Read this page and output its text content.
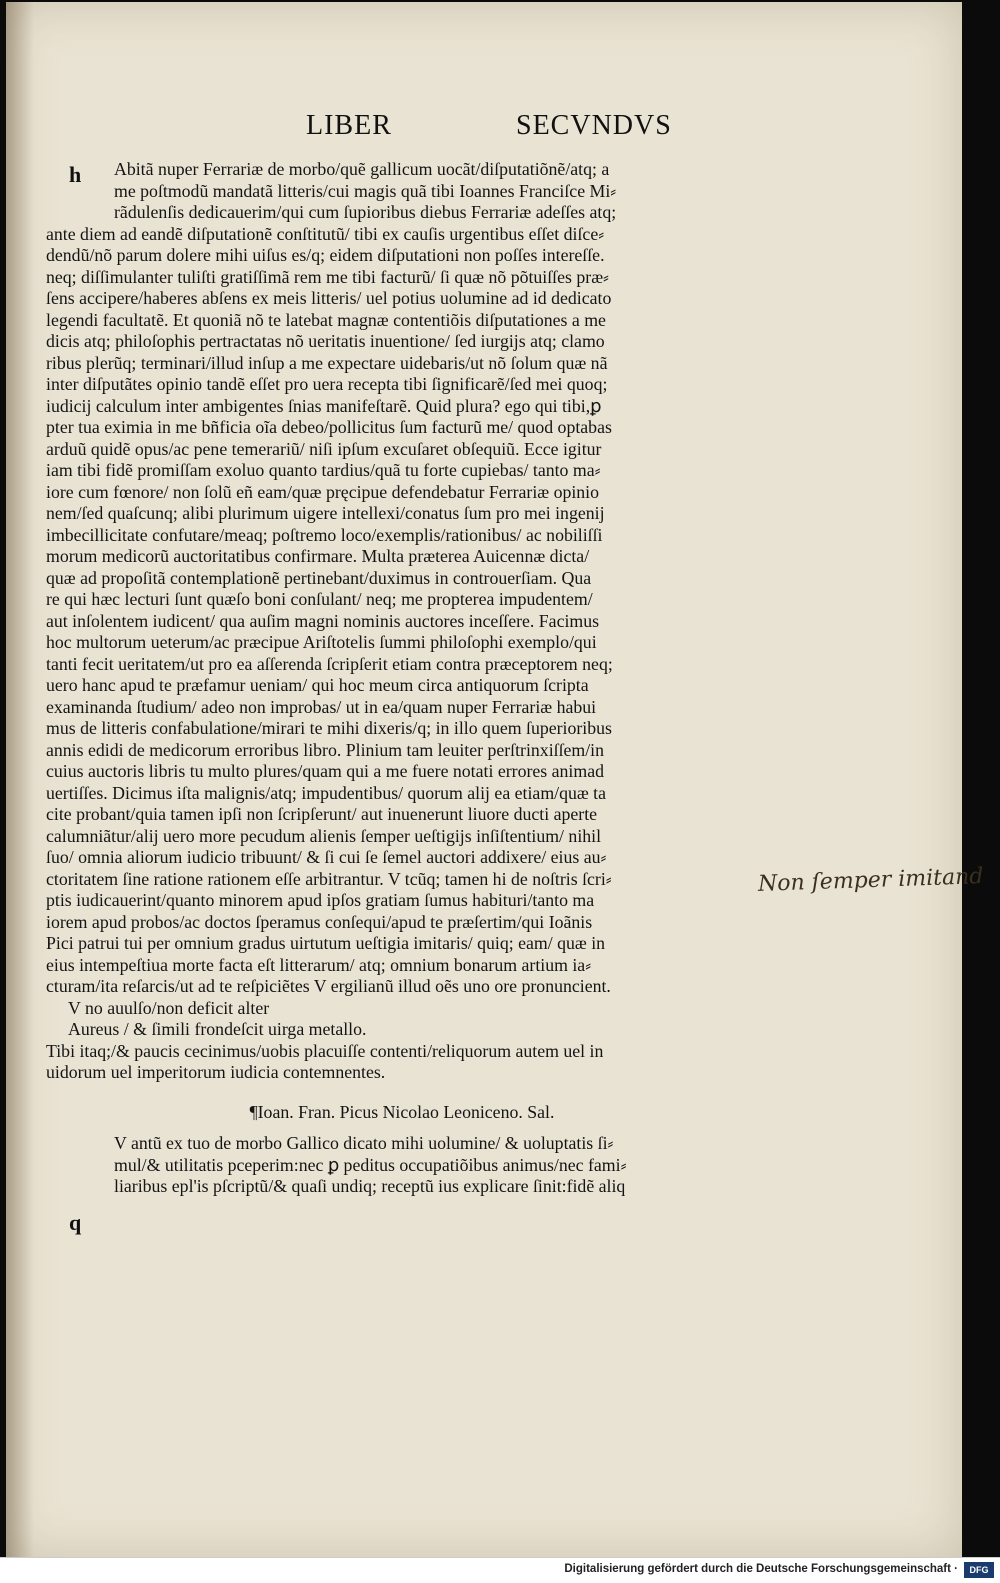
LIBER	SECVNDVS
h	Abitã nuper Ferrariæ de morbo/quẽ gallicum uocãt/diſputatiõnẽ/atq; a
me poſtmodũ mandatã litteris/cui magis quã tibi Ioannes Franciſce Mi⸗
rãdulenſis dedicauerim/qui cum ſupioribus diebus Ferrariæ adeſſes atq;
ante diem ad eandẽ diſputationẽ conſtitutũ/ tibi ex cauſis urgentibus eſſet diſce⸗
dendũ/nõ parum dolere mihi uiſus es/q; eidem diſputationi non poſſes intereſſe.
neq; diſſimulanter tuliſti gratiſſimã rem me tibi facturũ/ ſi quæ nõ põtuiſſes præ⸗
ſens accipere/haberes abſens ex meis litteris/ uel potius uolumine ad id dedicato
legendi facultatẽ. Et quoniã nõ te latebat magnæ contentiõis diſputationes a me
dicis atq; philoſophis pertractatas nõ ueritatis inuentione/ ſed iurgijs atq; clamo
ribus plerũq; terminari/illud inſup a me expectare uidebaris/ut nõ ſolum quæ nã
inter diſputãtes opinio tandẽ eſſet pro uera recepta tibi ſignificarẽ/ſed mei quoq;
iudicij calculum inter ambigentes ſnias manifeſtarẽ. Quid plura? ego qui tibi,ꝑ
pter tua eximia in me bñficia oĩa debeo/pollicitus ſum facturũ me/ quod optabas
arduũ quidẽ opus/ac pene temerariũ/ niſi ipſum excuſaret obſequiũ. Ecce igitur
iam tibi fidẽ promiſſam exoluo quanto tardius/quã tu forte cupiebas/ tanto ma⸗
iore cum fœnore/ non ſolũ eñ eam/quæ pręcipue defendebatur Ferrariæ opinio
nem/ſed quaſcunq; alibi plurimum uigere intellexi/conatus ſum pro mei ingenij
imbecillicitate confutare/meaq; poſtremo loco/exemplis/rationibus/ ac nobiliſſi
morum medicorũ auctoritatibus confirmare. Multa præterea Auicennæ dicta/
quæ ad propoſitã contemplationẽ pertinebant/duximus in controuerſiam. Qua
re qui hæc lecturi ſunt quæſo boni conſulant/ neq; me propterea impudentem/
aut inſolentem iudicent/ qua auſim magni nominis auctores inceſſere. Facimus
hoc multorum ueterum/ac præcipue Ariſtotelis ſummi philoſophi exemplo/qui
tanti fecit ueritatem/ut pro ea aſſerenda ſcripſerit etiam contra præceptorem neq;
uero hanc apud te præfamur ueniam/ qui hoc meum circa antiquorum ſcripta
examinanda ſtudium/ adeo non improbas/ ut in ea/quam nuper Ferrariæ habui
mus de litteris confabulatione/mirari te mihi dixeris/q; in illo quem ſuperioribus
annis edidi de medicorum erroribus libro. Plinium tam leuiter perſtrinxiſſem/in
cuius auctoris libris tu multo plures/quam qui a me fuere notati errores animad
uertiſſes. Dicimus iſta malignis/atq; impudentibus/ quorum alij ea etiam/quæ ta
cite probant/quia tamen ipſi non ſcripſerunt/ aut inuenerunt liuore ducti aperte
calumniãtur/alij uero more pecudum alienis ſemper ueſtigijs inſiſtentium/ nihil
ſuo/ omnia aliorum iudicio tribuunt/ & ſi cui ſe ſemel auctori addixere/ eius au⸗
ctoritatem ſine ratione rationem eſſe arbitrantur. V tcũq; tamen hi de noſtris ſcri⸗
ptis iudicauerint/quanto minorem apud ipſos gratiam ſumus habituri/tanto ma
iorem apud probos/ac doctos ſperamus conſequi/apud te præſertim/qui Ioãnis
Pici patrui tui per omnium gradus uirtutum ueſtigia imitaris/ quiq; eam/ quæ in
eius intempeſtiua morte facta eſt litterarum/ atq; omnium bonarum artium ia⸗
cturam/ita reſarcis/ut ad te reſpiciẽtes V ergilianũ illud oẽs uno ore pronuncient.
V no auulſo/non deficit alter
Aureus / & ſimili frondeſcit uirga metallo.
Tibi itaq;/& paucis cecinimus/uobis placuiſſe contenti/reliquorum autem uel in
uidorum uel imperitorum iudicia contemnentes.
¶Ioan. Fran. Picus Nicolao Leoniceno. Sal.
V antũ ex tuo de morbo Gallico dicato mihi uolumine/ & uoluptatis ſi⸗
mul/& utilitatis pceperim:nec ꝑ peditus occupatiõibus animus/nec fami⸗
liaribus epl'is pſcriptũ/& quaſi undiq; receptũ ius explicare ſinit:fidẽ aliq
q
Non ſemper imitand
Digitalisierung gefördert durch die Deutsche Forschungsgemeinschaft ·	DFG
